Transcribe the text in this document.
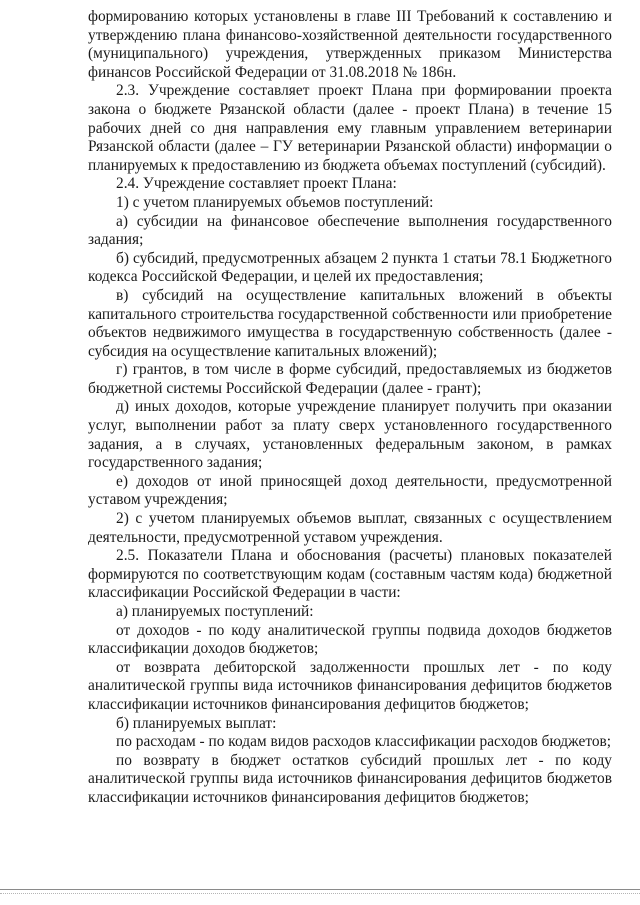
формированию которых установлены в главе III Требований к составлению и утверждению плана финансово-хозяйственной деятельности государственного (муниципального) учреждения, утвержденных приказом Министерства финансов Российской Федерации от 31.08.2018 № 186н.

2.3. Учреждение составляет проект Плана при формировании проекта закона о бюджете Рязанской области (далее - проект Плана) в течение 15 рабочих дней со дня направления ему главным управлением ветеринарии Рязанской области (далее – ГУ ветеринарии Рязанской области) информации о планируемых к предоставлению из бюджета объемах поступлений (субсидий).

2.4. Учреждение составляет проект Плана:

1) с учетом планируемых объемов поступлений:

а) субсидии на финансовое обеспечение выполнения государственного задания;

б) субсидий, предусмотренных абзацем 2 пункта 1 статьи 78.1 Бюджетного кодекса Российской Федерации, и целей их предоставления;

в) субсидий на осуществление капитальных вложений в объекты капитального строительства государственной собственности или приобретение объектов недвижимого имущества в государственную собственность (далее - субсидия на осуществление капитальных вложений);

г) грантов, в том числе в форме субсидий, предоставляемых из бюджетов бюджетной системы Российской Федерации (далее - грант);

д) иных доходов, которые учреждение планирует получить при оказании услуг, выполнении работ за плату сверх установленного государственного задания, а в случаях, установленных федеральным законом, в рамках государственного задания;

е) доходов от иной приносящей доход деятельности, предусмотренной уставом учреждения;

2) с учетом планируемых объемов выплат, связанных с осуществлением деятельности, предусмотренной уставом учреждения.

2.5. Показатели Плана и обоснования (расчеты) плановых показателей формируются по соответствующим кодам (составным частям кода) бюджетной классификации Российской Федерации в части:

а) планируемых поступлений:

от доходов - по коду аналитической группы подвида доходов бюджетов классификации доходов бюджетов;

от возврата дебиторской задолженности прошлых лет - по коду аналитической группы вида источников финансирования дефицитов бюджетов классификации источников финансирования дефицитов бюджетов;

б) планируемых выплат:

по расходам - по кодам видов расходов классификации расходов бюджетов;

по возврату в бюджет остатков субсидий прошлых лет - по коду аналитической группы вида источников финансирования дефицитов бюджетов классификации источников финансирования дефицитов бюджетов;
